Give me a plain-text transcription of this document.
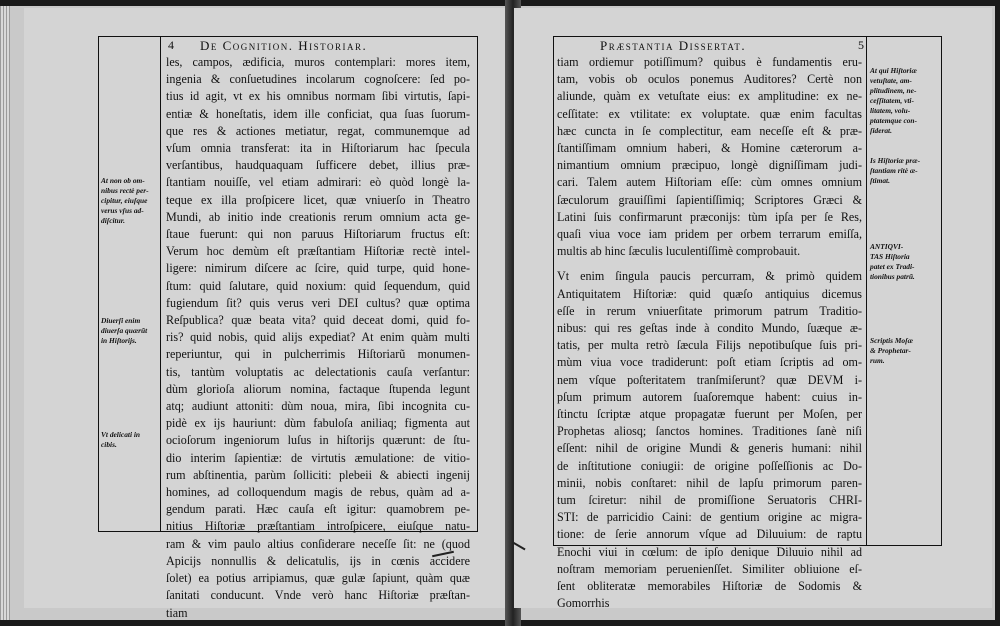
4 De Cognition. Historiar.
les, campos, ædificia, muros contemplari: mores item,
ingenia & conſuetudines incolarum cognoſcere: ſed po-
tius id agit, vt ex his omnibus normam ſibi virtutis, ſapi-
entiæ & honeſtatis, idem ille conficiat, qua ſuas ſuorum-
que res & actiones metiatur, regat, communemque ad
vſum omnia transferat: ita in Hiſtoriarum hac ſpecula
verſantibus, haudquaquam ſufficere debet, illius præ-
ſtantiam nouiſſe, vel etiam admirari: eò quòd longè la-
teque ex illa proſpicere licet, quæ vniuerſo in Theatro
Mundi, ab initio inde creationis rerum omnium acta ge-
ſtaue fuerunt: qui non paruus Hiſtoriarum fructus eſt:
Verum hoc demùm eſt præſtantiam Hiſtoriæ rectè intel-
ligere: nimirum diſcere ac ſcire, quid turpe, quid hone-
ſtum: quid ſalutare, quid noxium: quid ſequendum, quid
fugiendum ſit? quis verus veri DEI cultus? quæ optima
Reſpublica? quæ beata vita? quid deceat domi, quid fo-
ris? quid nobis, quid alijs expediat? At enim quàm multi
reperiuntur, qui in pulcherrimis Hiſtoriarũ monumen-
tis, tantùm voluptatis ac delectationis cauſa verſantur:
dùm glorioſa aliorum nomina, factaque ſtupenda legunt
atq; audiunt attoniti: dùm noua, mira, ſibi incognita cu-
pidè ex ijs hauriunt: dùm fabuloſa aniliaq; figmenta aut
ocioſorum ingeniorum luſus in hiſtorijs quærunt: de ſtu-
dio interim ſapientiæ: de virtutis æmulatione: de vitio-
rum abſtinentia, parùm ſolliciti: plebeii & abiecti ingenij
homines, ad colloquendum magis de rebus, quàm ad a-
gendum parati. Hæc cauſa eſt igitur: quamobrem pe-
nitius Hiſtoriæ præſtantiam introſpicere, eiuſque natu-
ram & vim paulo altius conſiderare neceſſe ſit: ne (quod
Apicijs nonnullis & delicatulis, ijs in cœnis accidere
ſolet) ea potius arripiamus, quæ gulæ ſapiunt, quàm quæ
ſanitati conducunt. Vnde verò hanc Hiſtoriæ præſtan-
tiam
At non ob om-
nibus rectè per-
cipitur, eiuſque
verus vſus ad-
diſcitur.
Diuerſi enim
diuerſa quærũt
in Hiſtorijs.
Vt delicati in
cibis.
Præstantia Dissertat.	5
tiam ordiemur potiſſimum? quibus è fundamentis eru-
tam, vobis ob oculos ponemus Auditores? Certè non
aliunde, quàm ex vetuſtate eius: ex amplitudine: ex ne-
ceſſitate: ex vtilitate: ex voluptate. quæ enim facultas
hæc cuncta in ſe complectitur, eam neceſſe eſt & præ-
ſtantiſſimam omnium haberi, & Homine cæterorum a-
nimantium omnium præcipuo, longè digniſſimam judi-
cari. Talem autem Hiſtoriam eſſe: cùm omnes omnium
ſæculorum grauiſſimi ſapientiſſimiq; Scriptores Græci &
Latini ſuis confirmarunt præconijs: tùm ipſa per ſe Res,
quaſi viua voce iam pridem per orbem terrarum emiſſa,
multis ab hinc ſæculis luculentiſſimè comprobauit.

Vt enim ſingula paucis percurram, & primò quidem
Antiquitatem Hiſtoriæ: quid quæſo antiquius dicemus
eſſe in rerum vniuerſitate primorum patrum Traditio-
nibus: qui res geſtas inde à condito Mundo, ſuæque æ-
tatis, per multa retrò ſæcula Filijs nepotibuſque ſuis pri-
mùm viua voce tradiderunt: poſt etiam ſcriptis ad om-
nem vſque poſteritatem tranſmiſerunt? quæ DEVM i-
pſum primum autorem ſuaſoremque habent: cuius in-
ſtinctu ſcriptæ atque propagatæ fuerunt per Moſen, per
Prophetas aliosq; ſanctos homines. Traditiones ſanè niſi
eſſent: nihil de origine Mundi & generis humani: nihil
de inſtitutione coniugii: de origine poſſeſſionis ac Do-
minii, nobis conſtaret: nihil de lapſu primorum paren-
tum ſciretur: nihil de promiſſione Seruatoris CHRI-
STI: de parricidio Caini: de gentium origine ac migra-
tione: de ſerie annorum vſque ad Diluuium: de raptu
Enochi viui in cœlum: de ipſo denique Diluuio nihil ad
noſtram memoriam peruenienſſet. Similiter obliuione eſ-
ſent obliteratæ memorabiles Hiſtoriæ de Sodomis &
Gomorrhis
At qui Hiſtoriæ
vetuſtate, am-
plitudinem, ne-
ceſſitatem, vti-
litatem, volu-
ptatemque con-
ſiderat.
Is Hiſtoriæ præ-
ſtantiam ritè æ-
ſtimat.
ANTIQVI-
TAS Hiſtoria
patet ex Tradi-
tionibus patrũ.
Scriptis Moſæ
& Prophetar-
rum.
